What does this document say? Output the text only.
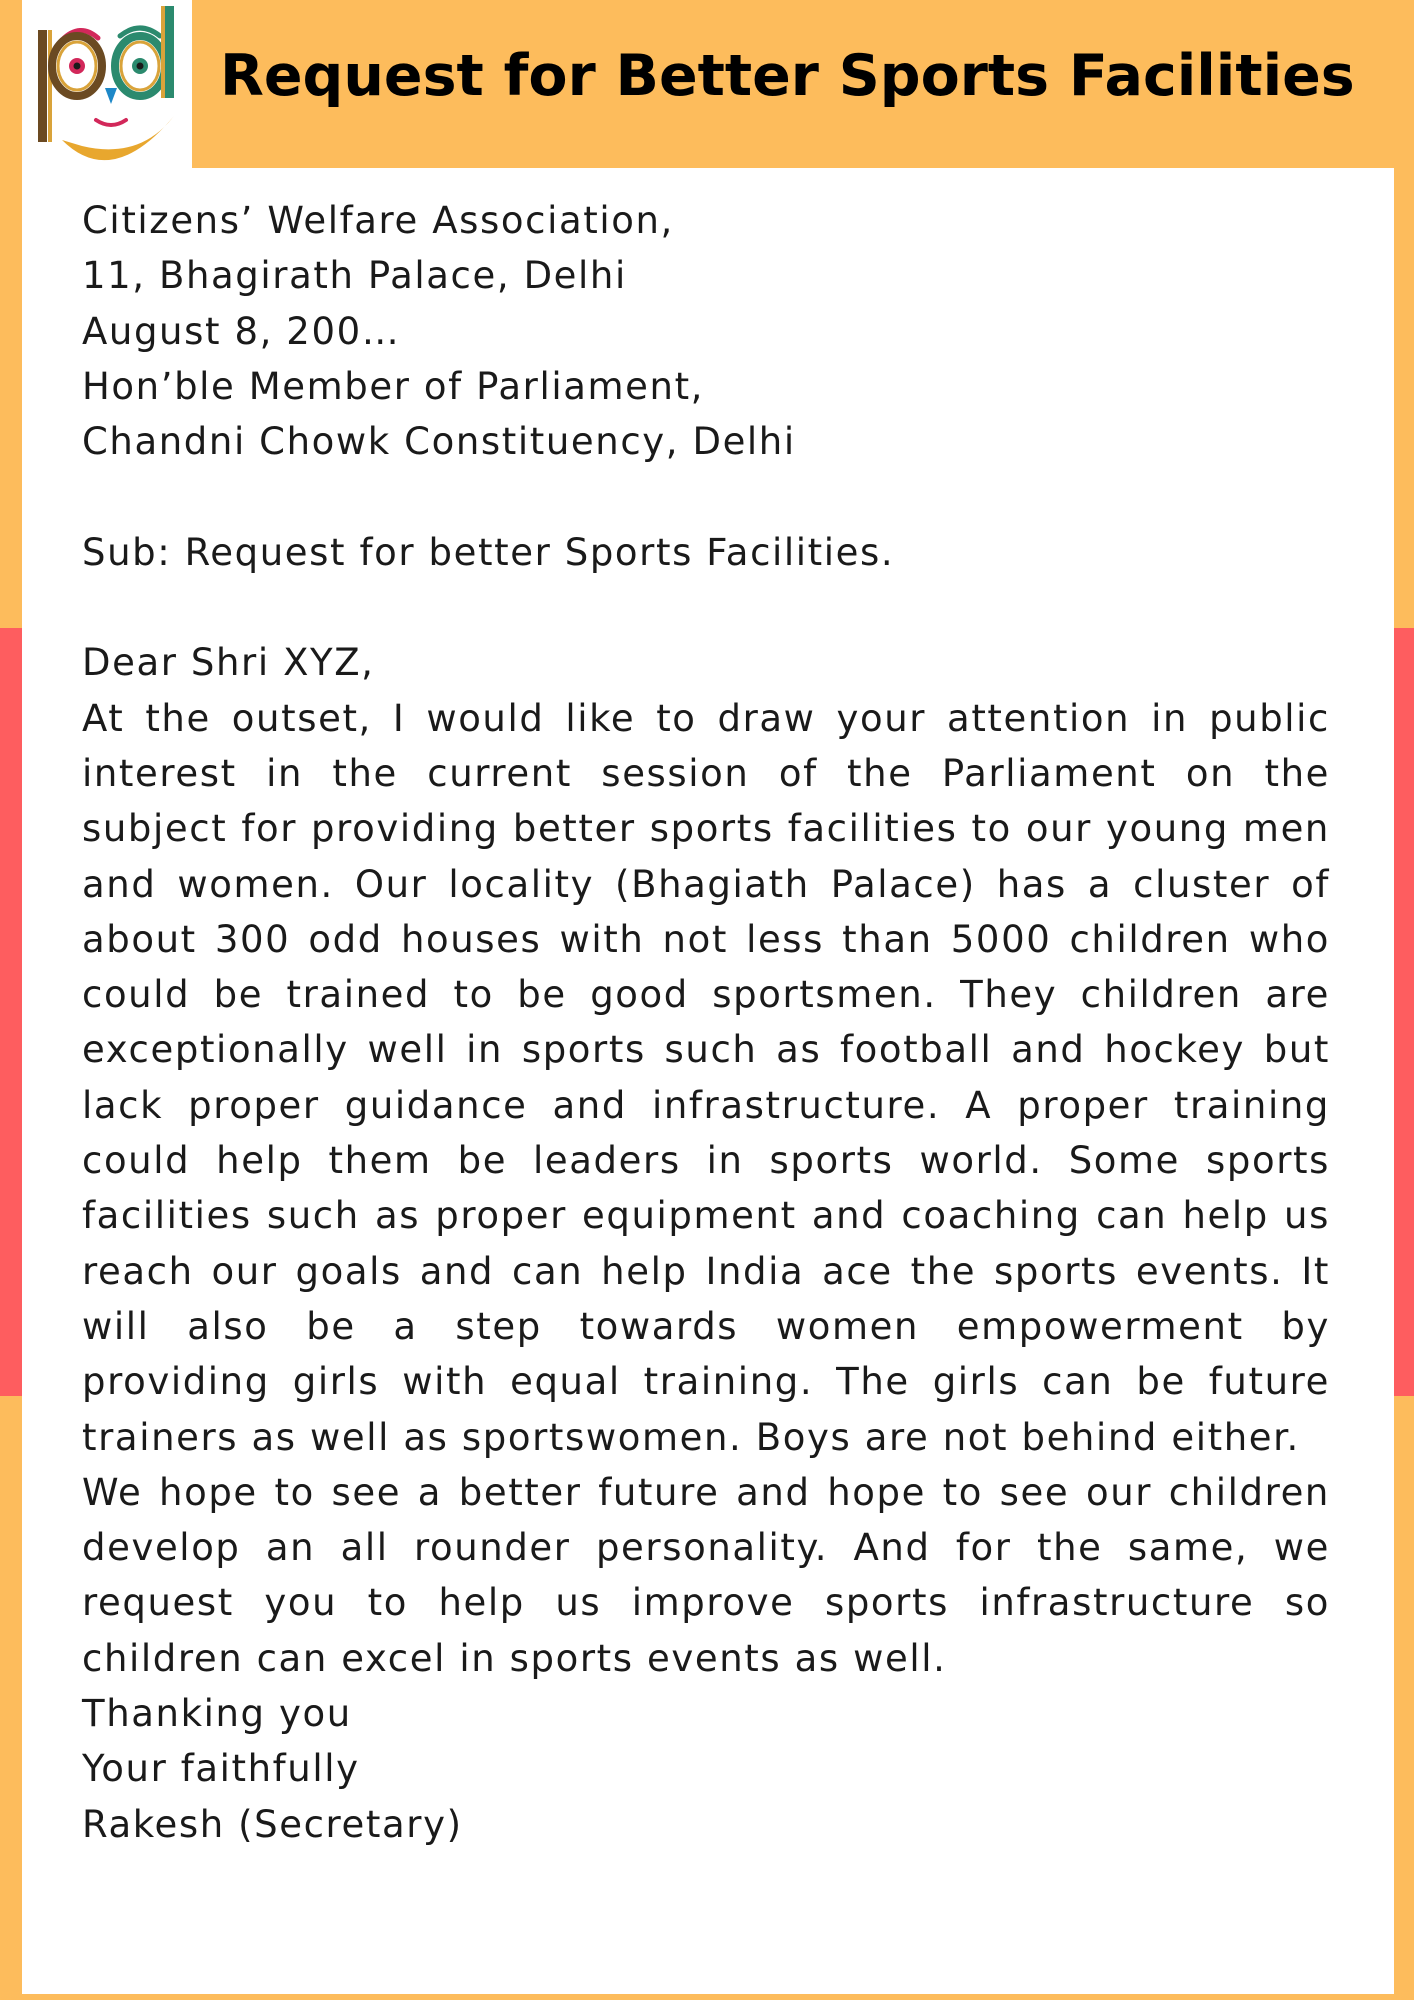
Request for Better Sports Facilities
Citizens’ Welfare Association,
11, Bhagirath Palace, Delhi
August 8, 200…
Hon’ble Member of Parliament,
Chandni Chowk Constituency, Delhi
Sub: Request for better Sports Facilities.
Dear Shri XYZ,
At the outset, I would like to draw your attention in public interest in the current session of the Parliament on the subject for providing better sports facilities to our young men and women. Our locality (Bhagiath Palace) has a cluster of about 300 odd houses with not less than 5000 children who could be trained to be good sportsmen. They children are exceptionally well in sports such as football and hockey but lack proper guidance and infrastructure. A proper training could help them be leaders in sports world. Some sports facilities such as proper equipment and coaching can help us reach our goals and can help India ace the sports events. It will also be a step towards women empowerment by providing girls with equal training. The girls can be future trainers as well as sportswomen. Boys are not behind either.
We hope to see a better future and hope to see our children develop an all rounder personality. And for the same, we request you to help us improve sports infrastructure so children can excel in sports events as well.
Thanking you
Your faithfully
Rakesh (Secretary)
